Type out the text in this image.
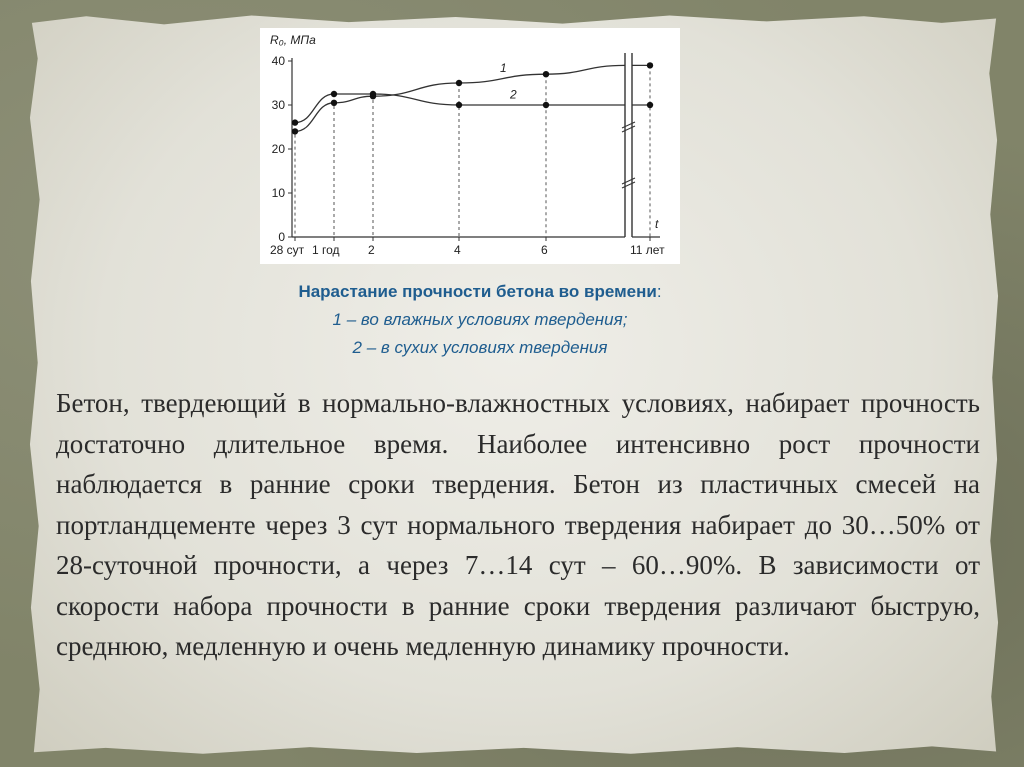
0
10
20
30
40
R₀, МПа
t
28 сут 1 год 2	4	6	11 лет
1
2
Нарастание прочности бетона во времени:
1 – во влажных условиях твердения;
2 – в сухих условиях твердения

Бетон, твердеющий в нормально-влажностных условиях, набирает прочность достаточно длительное время. Наиболее интенсивно рост прочности наблюдается в ранние сроки твердения. Бетон из пластичных смесей на портландцементе через 3 сут нормального твердения набирает до 30…50% от 28-суточной прочности, а через 7…14 сут – 60…90%. В зависимости от скорости набора прочности в ранние сроки твердения различают быструю, среднюю, медленную и очень медленную динамику прочности.
